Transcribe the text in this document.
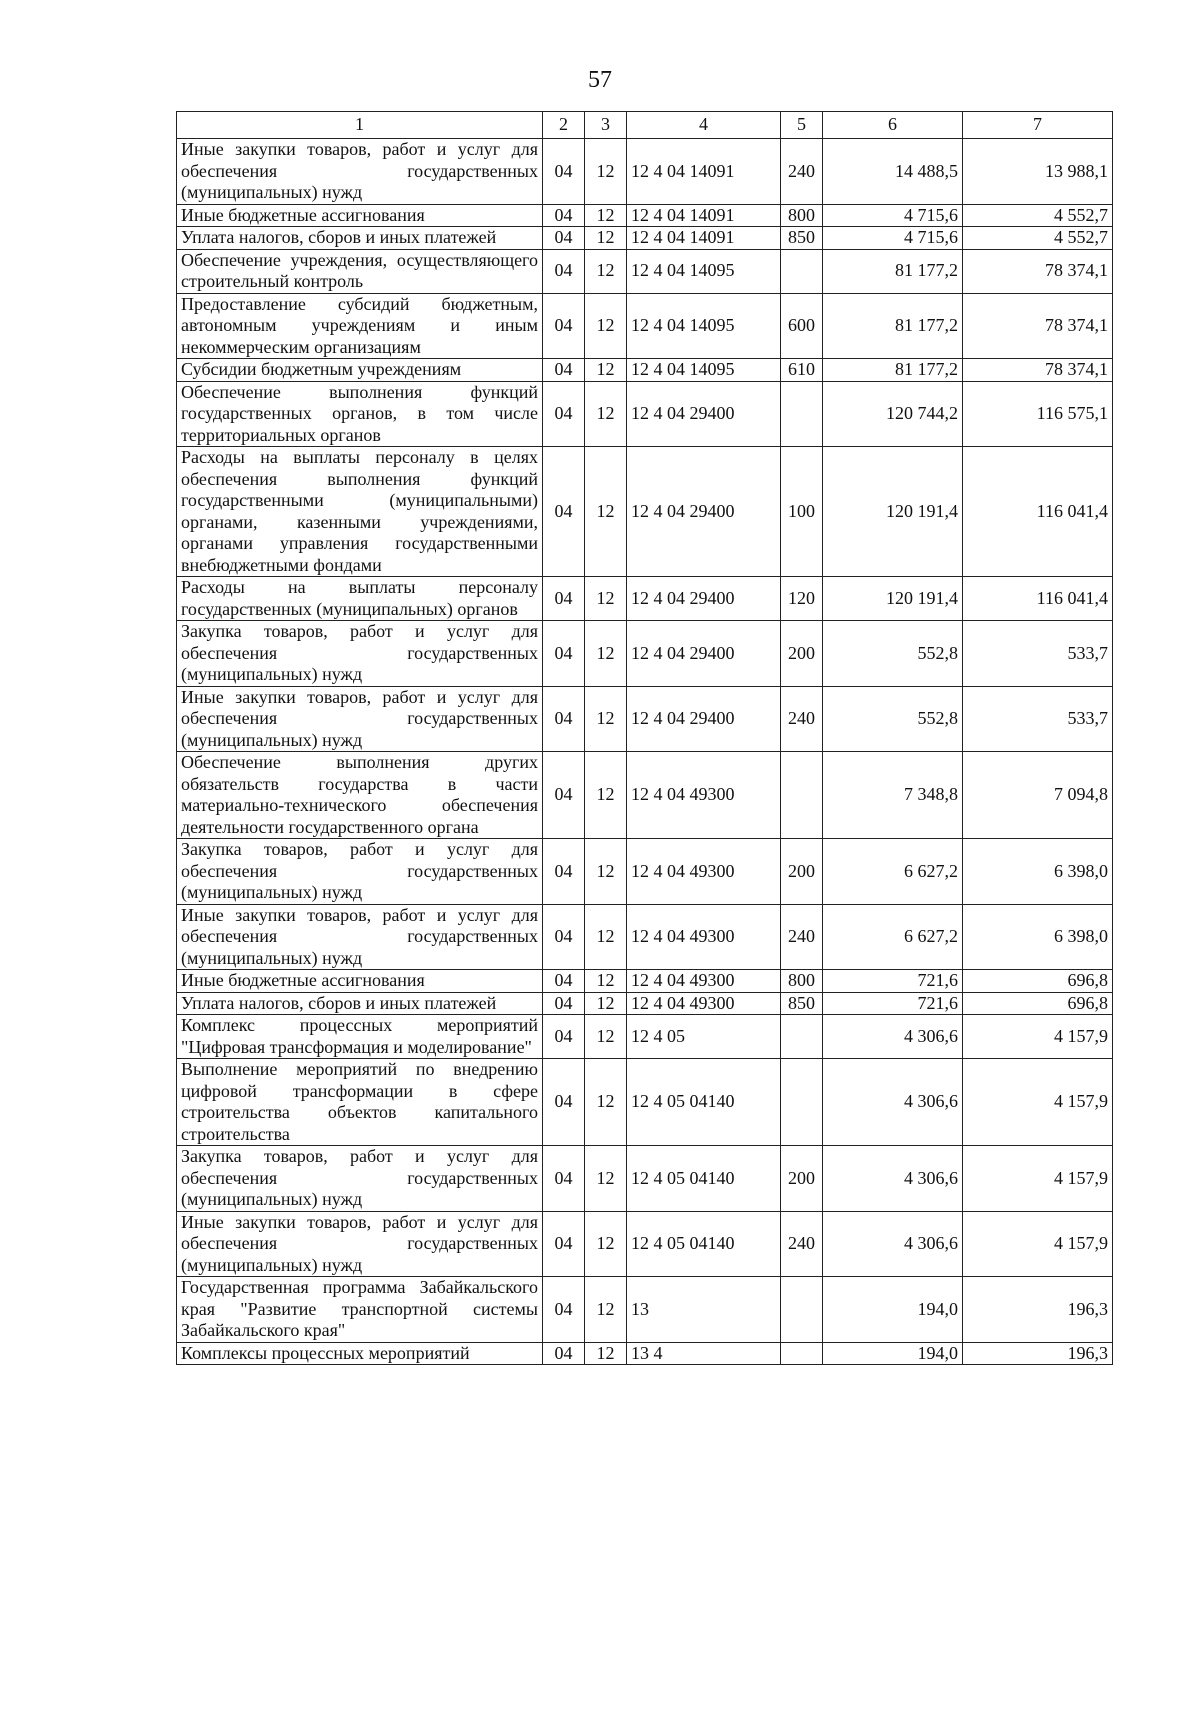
57
1	2	3	4	5	6	7
Иные закупки товаров, работ и услуг для обеспечения государственных (муниципальных) нужд	04	12	12 4 04 14091	240	14 488,5	13 988,1
Иные бюджетные ассигнования	04	12	12 4 04 14091	800	4 715,6	4 552,7
Уплата налогов, сборов и иных платежей	04	12	12 4 04 14091	850	4 715,6	4 552,7
Обеспечение учреждения, осуществляющего строительный контроль	04	12	12 4 04 14095		81 177,2	78 374,1
Предоставление субсидий бюджетным, автономным учреждениям и иным некоммерческим организациям	04	12	12 4 04 14095	600	81 177,2	78 374,1
Субсидии бюджетным учреждениям	04	12	12 4 04 14095	610	81 177,2	78 374,1
Обеспечение выполнения функций государственных органов, в том числе территориальных органов	04	12	12 4 04 29400		120 744,2	116 575,1
Расходы на выплаты персоналу в целях обеспечения выполнения функций государственными (муниципальными) органами, казенными учреждениями, органами управления государственными внебюджетными фондами	04	12	12 4 04 29400	100	120 191,4	116 041,4
Расходы на выплаты персоналу государственных (муниципальных) органов	04	12	12 4 04 29400	120	120 191,4	116 041,4
Закупка товаров, работ и услуг для обеспечения государственных (муниципальных) нужд	04	12	12 4 04 29400	200	552,8	533,7
Иные закупки товаров, работ и услуг для обеспечения государственных (муниципальных) нужд	04	12	12 4 04 29400	240	552,8	533,7
Обеспечение выполнения других обязательств государства в части материально-технического обеспечения деятельности государственного органа	04	12	12 4 04 49300		7 348,8	7 094,8
Закупка товаров, работ и услуг для обеспечения государственных (муниципальных) нужд	04	12	12 4 04 49300	200	6 627,2	6 398,0
Иные закупки товаров, работ и услуг для обеспечения государственных (муниципальных) нужд	04	12	12 4 04 49300	240	6 627,2	6 398,0
Иные бюджетные ассигнования	04	12	12 4 04 49300	800	721,6	696,8
Уплата налогов, сборов и иных платежей	04	12	12 4 04 49300	850	721,6	696,8
Комплекс процессных мероприятий "Цифровая трансформация и моделирование"	04	12	12 4 05		4 306,6	4 157,9
Выполнение мероприятий по внедрению цифровой трансформации в сфере строительства объектов капитального строительства	04	12	12 4 05 04140		4 306,6	4 157,9
Закупка товаров, работ и услуг для обеспечения государственных (муниципальных) нужд	04	12	12 4 05 04140	200	4 306,6	4 157,9
Иные закупки товаров, работ и услуг для обеспечения государственных (муниципальных) нужд	04	12	12 4 05 04140	240	4 306,6	4 157,9
Государственная программа Забайкальского края "Развитие транспортной системы Забайкальского края"	04	12	13		194,0	196,3
Комплексы процессных мероприятий	04	12	13 4		194,0	196,3
